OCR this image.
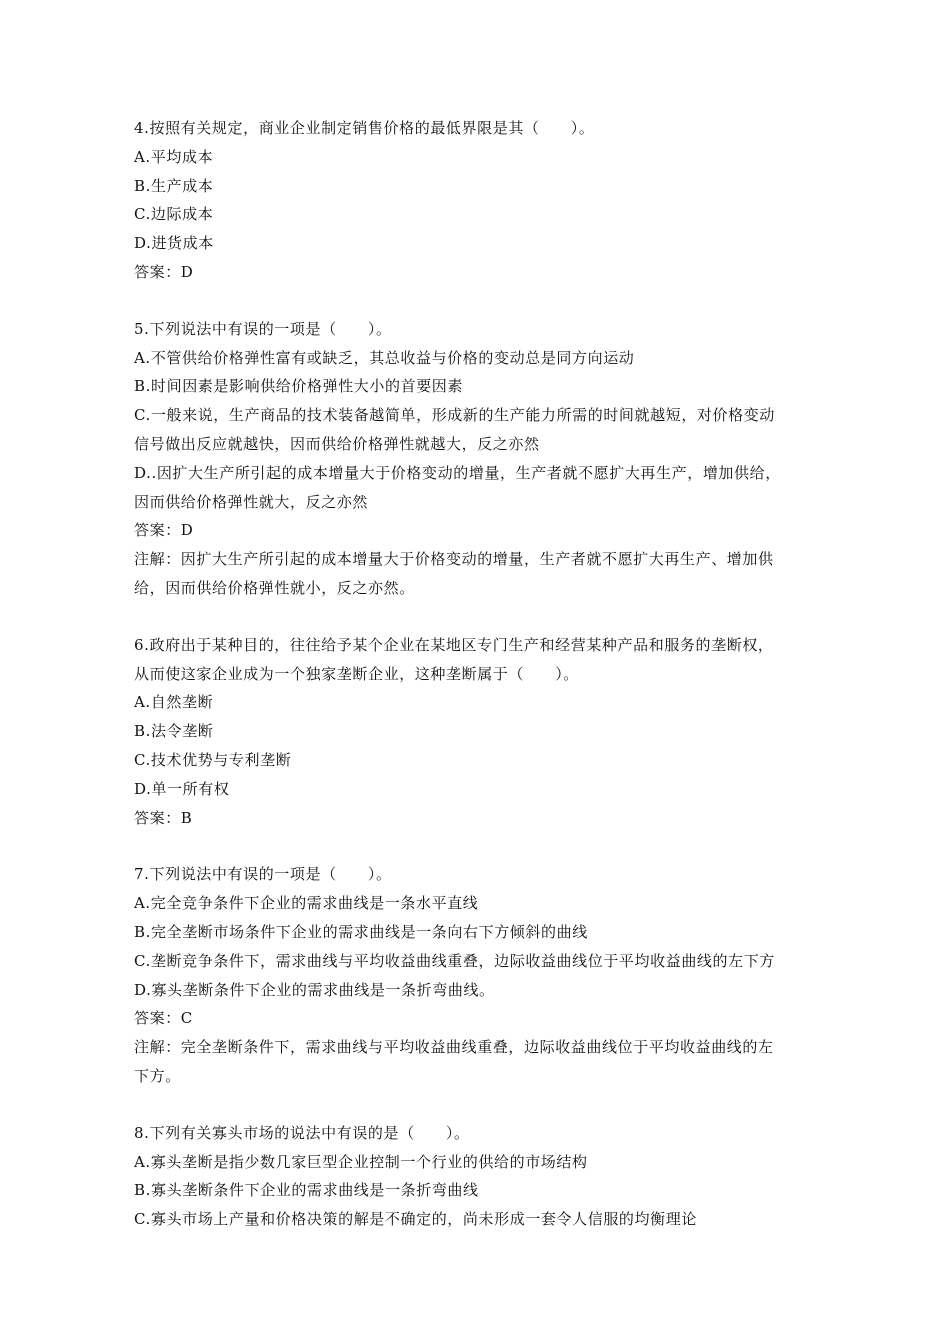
4.按照有关规定，商业企业制定销售价格的最低界限是其（　　）。
A.平均成本
B.生产成本
C.边际成本
D.进货成本
答案：D
5.下列说法中有误的一项是（　　）。
A.不管供给价格弹性富有或缺乏，其总收益与价格的变动总是同方向运动
B.时间因素是影响供给价格弹性大小的首要因素
C.一般来说，生产商品的技术装备越简单，形成新的生产能力所需的时间就越短，对价格变动
信号做出反应就越快，因而供给价格弹性就越大，反之亦然
D..因扩大生产所引起的成本增量大于价格变动的增量，生产者就不愿扩大再生产，增加供给，
因而供给价格弹性就大，反之亦然
答案：D
注解：因扩大生产所引起的成本增量大于价格变动的增量，生产者就不愿扩大再生产、增加供
给，因而供给价格弹性就小，反之亦然。
6.政府出于某种目的，往往给予某个企业在某地区专门生产和经营某种产品和服务的垄断权，
从而使这家企业成为一个独家垄断企业，这种垄断属于（　　）。
A.自然垄断
B.法令垄断
C.技术优势与专利垄断
D.单一所有权
答案：B
7.下列说法中有误的一项是（　　）。
A.完全竞争条件下企业的需求曲线是一条水平直线
B.完全垄断市场条件下企业的需求曲线是一条向右下方倾斜的曲线
C.垄断竞争条件下，需求曲线与平均收益曲线重叠，边际收益曲线位于平均收益曲线的左下方
D.寡头垄断条件下企业的需求曲线是一条折弯曲线。
答案：C
注解：完全垄断条件下，需求曲线与平均收益曲线重叠，边际收益曲线位于平均收益曲线的左
下方。
8.下列有关寡头市场的说法中有误的是（　　）。
A.寡头垄断是指少数几家巨型企业控制一个行业的供给的市场结构
B.寡头垄断条件下企业的需求曲线是一条折弯曲线
C.寡头市场上产量和价格决策的解是不确定的，尚未形成一套令人信服的均衡理论
